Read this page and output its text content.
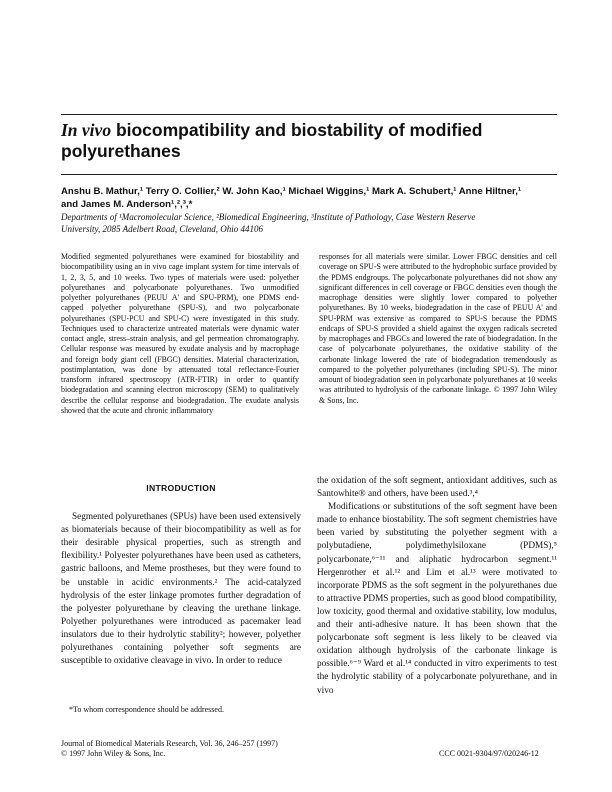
In vivo biocompatibility and biostability of modified polyurethanes
Anshu B. Mathur,¹ Terry O. Collier,² W. John Kao,¹ Michael Wiggins,¹ Mark A. Schubert,¹ Anne Hiltner,¹
and James M. Anderson¹,²,³,*
Departments of ¹Macromolecular Science, ²Biomedical Engineering, ³Institute of Pathology, Case Western Reserve
University, 2085 Adelbert Road, Cleveland, Ohio 44106
Modified segmented polyurethanes were examined for biostability and biocompatibility using an in vivo cage implant system for time intervals of 1, 2, 3, 5, and 10 weeks. Two types of materials were used: polyether polyurethanes and polycarbonate polyurethanes. Two unmodified polyether polyurethanes (PEUU A' and SPU-PRM), one PDMS end-capped polyether polyurethane (SPU-S), and two polycarbonate polyurethanes (SPU-PCU and SPU-C) were investigated in this study. Techniques used to characterize untreated materials were dynamic water contact angle, stress–strain analysis, and gel permeation chromatography. Cellular response was measured by exudate analysis and by macrophage and foreign body giant cell (FBGC) densities. Material characterization, postimplantation, was done by attenuated total reflectance-Fourier transform infrared spectroscopy (ATR-FTIR) in order to quantify biodegradation and scanning electron microscopy (SEM) to qualitatively describe the cellular response and biodegradation. The exudate analysis showed that the acute and chronic inflammatory
responses for all materials were similar. Lower FBGC densities and cell coverage on SPU-S were attributed to the hydrophobic surface provided by the PDMS endgroups. The polycarbonate polyurethanes did not show any significant differences in cell coverage or FBGC densities even though the macrophage densities were slightly lower compared to polyether polyurethanes. By 10 weeks, biodegradation in the case of PEUU A' and SPU-PRM was extensive as compared to SPU-S because the PDMS endcaps of SPU-S provided a shield against the oxygen radicals secreted by macrophages and FBGCs and lowered the rate of biodegradation. In the case of polycarbonate polyurethanes, the oxidative stability of the carbonate linkage lowered the rate of biodegradation tremendously as compared to the polyether polyurethanes (including SPU-S). The minor amount of biodegradation seen in polycarbonate polyurethanes at 10 weeks was attributed to hydrolysis of the carbonate linkage. © 1997 John Wiley & Sons, Inc.
INTRODUCTION

Segmented polyurethanes (SPUs) have been used extensively as biomaterials because of their biocompatibility as well as for their desirable physical properties, such as strength and flexibility.¹ Polyester polyurethanes have been used as catheters, gastric balloons, and Meme prostheses, but they were found to be unstable in acidic environments.² The acid-catalyzed hydrolysis of the ester linkage promotes further degradation of the polyester polyurethane by cleaving the urethane linkage. Polyether polyurethanes were introduced as pacemaker lead insulators due to their hydrolytic stability²; however, polyether polyurethanes containing polyether soft segments are susceptible to oxidative cleavage in vivo. In order to reduce

the oxidation of the soft segment, antioxidant additives, such as Santowhite® and others, have been used.³,⁴

Modifications or substitutions of the soft segment have been made to enhance biostability. The soft segment chemistries have been varied by substituting the polyether segment with a polybutadiene, polydimethylsiloxane (PDMS),⁵ polycarbonate,⁶⁻¹¹ and aliphatic hydrocarbon segment.¹¹ Hergenrother et al.¹² and Lim et al.¹³ were motivated to incorporate PDMS as the soft segment in the polyurethanes due to attractive PDMS properties, such as good blood compatibility, low toxicity, good thermal and oxidative stability, low modulus, and their anti-adhesive nature. It has been shown that the polycarbonate soft segment is less likely to be cleaved via oxidation although hydrolysis of the carbonate linkage is possible.⁶⁻⁹ Ward et al.¹⁴ conducted in vitro experiments to test the hydrolytic stability of a polycarbonate polyurethane, and in vivo

*To whom correspondence should be addressed.
Journal of Biomedical Materials Research, Vol. 36, 246–257 (1997)
© 1997 John Wiley & Sons, Inc.	CCC 0021-9304/97/020246-12
